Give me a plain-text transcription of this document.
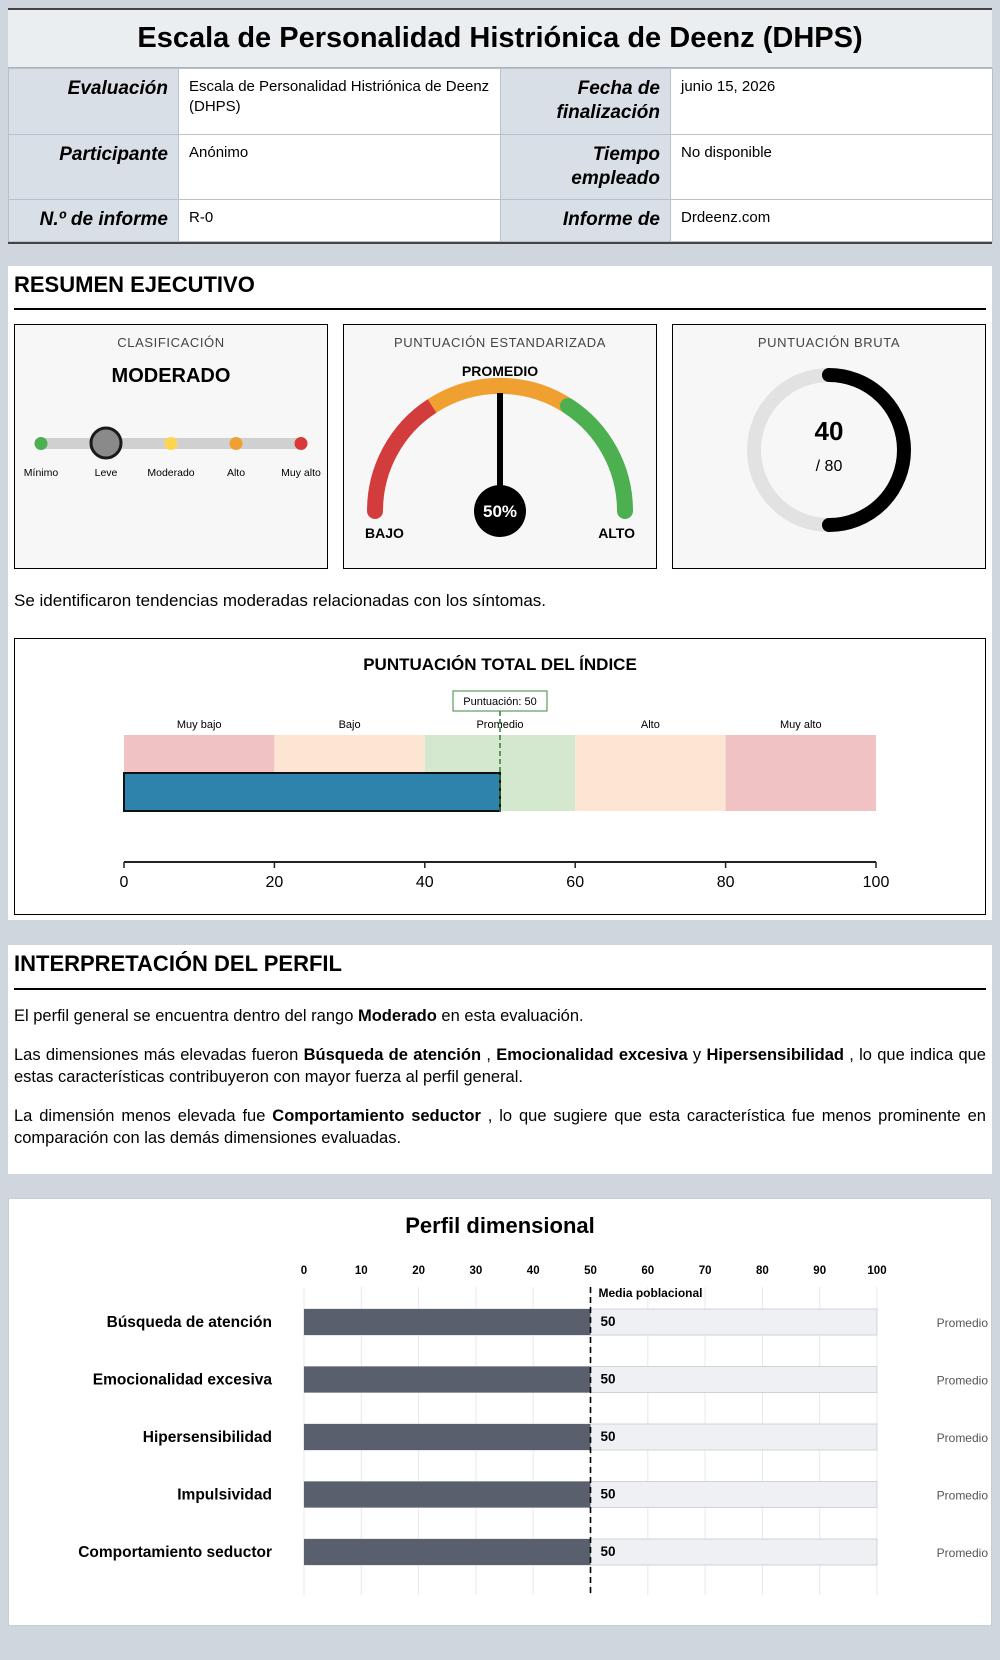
Escala de Personalidad Histriónica de Deenz (DHPS)
Evaluación	Escala de Personalidad Histriónica de Deenz (DHPS)	Fecha de finalización	junio 15, 2026
Participante	Anónimo	Tiempo empleado	No disponible
N.º de informe	R-0	Informe de	Drdeenz.com
RESUMEN EJECUTIVO
CLASIFICACIÓN
MODERADO
Mínimo	Leve	Moderado	Alto	Muy alto
PUNTUACIÓN ESTANDARIZADA
PROMEDIO
50%
BAJO	ALTO
PUNTUACIÓN BRUTA
40
/ 80
Se identificaron tendencias moderadas relacionadas con los síntomas.
PUNTUACIÓN TOTAL DEL ÍNDICE
Muy bajo	Bajo	Promedio	Alto	Muy alto
Puntuación: 50
0	20	40	60	80	100
INTERPRETACIÓN DEL PERFIL

El perfil general se encuentra dentro del rango Moderado en esta evaluación.

Las dimensiones más elevadas fueron Búsqueda de atención , Emocionalidad excesiva y Hipersensibilidad , lo que indica que estas características contribuyeron con mayor fuerza al perfil general.

La dimensión menos elevada fue Comportamiento seductor , lo que sugiere que esta característica fue menos prominente en comparación con las demás dimensiones evaluadas.

Perfil dimensional
0	10	20	30	40	50	60	70	80	90	100
Búsqueda de atención	50	Promedio
Emocionalidad excesiva	50	Promedio
Hipersensibilidad	50	Promedio
Impulsividad	50	Promedio
Comportamiento seductor	50	Promedio
Media poblacional
